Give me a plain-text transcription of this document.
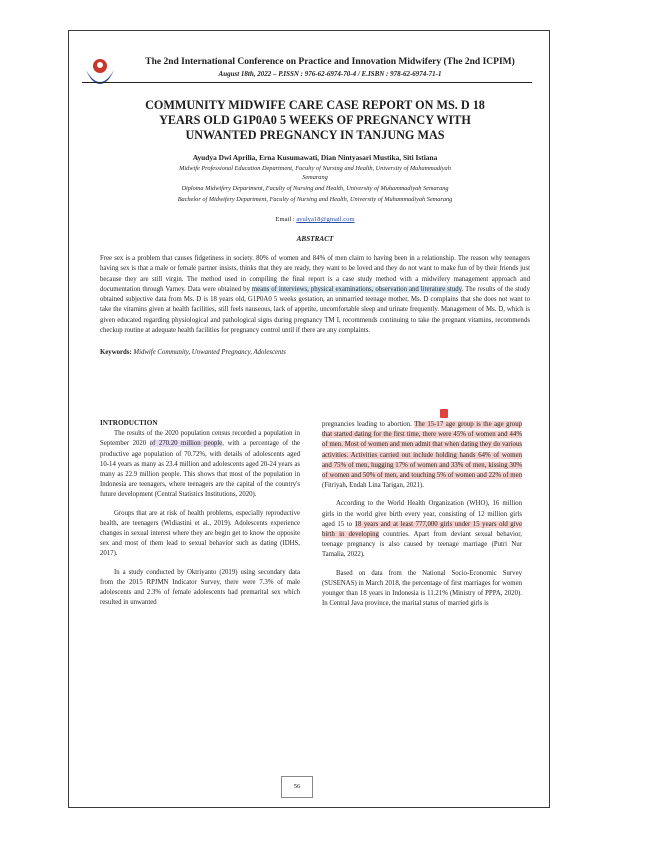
The 2nd International Conference on Practice and Innovation Midwifery (The 2nd ICPIM)
August 18th, 2022 – P.ISSN : 976-62-6974-70-4 / E.ISBN : 978-62-6974-71-1
COMMUNITY MIDWIFE CARE CASE REPORT ON MS. D 18
YEARS OLD G1P0A0 5 WEEKS OF PREGNANCY WITH
UNWANTED PREGNANCY IN TANJUNG MAS
Ayudya Dwi Aprilia, Erna Kusumawati, Dian Nintyasari Mustika, Siti Istiana
Midwife Professional Education Department, Faculty of Nursing and Health, University of Muhammadiyah
Semarang
Diploma Midwifery Department, Faculty of Nursing and Health, University of Muhammadiyah Semarang
Bachelor of Midwifery Department, Faculty of Nursing and Health, University of Muhammadiyah Semarang
Email : ayulya18@gmail.com
ABSTRACT
Free sex is a problem that causes fidgetiness in society. 80% of women and 84% of men claim to having been in a relationship. The reason why teenagers having sex is that a male or female partner insists, thinks that they are ready, they want to be loved and they do not want to make fun of by their friends just because they are still virgin. The method used in compiling the final report is a case study method with a midwifery management approach and documentation through Varney. Data were obtained by means of interviews, physical examinations, observation and literature study. The results of the study obtained subjective data from Ms. D is 18 years old, G1P0A0 5 weeks gestation, an unmarried teenage mother, Ms. D complains that she does not want to take the vitamins given at health facilities, still feels nauseous, lack of appetite, uncomfortable sleep and urinate frequently. Management of Ms. D, which is given educated regarding physiological and pathological signs during pregnancy TM I, recommends continuing to take the pregnant vitamins, recommends checkup routine at adequate health facilities for pregnancy control until if there are any complaints.
Keywords: Midwife Community, Unwanted Pregnancy, Adolescents
INTRODUCTION

The results of the 2020 population census recorded a population in September 2020 of 270.20 million people, with a percentage of the productive age population of 70.72%, with details of adolescents aged 10-14 years as many as 23.4 million and adolescents aged 20-24 years as many as 22.9 million people. This shows that most of the population in Indonesia are teenagers, where teenagers are the capital of the country's future development (Central Statistics Institutions, 2020).

Groups that are at risk of health problems, especially reproductive health, are teenagers (Widiastini et al., 2019). Adolescents experience changes in sexual interest where they are begin get to know the opposite sex and most of them lead to sexual behavior such as dating (IDHS, 2017).

In a study conducted by Oktriyanto (2019) using secondary data from the 2015 RPJMN Indicator Survey, there were 7.3% of male adolescents and 2.3% of female adolescents had premarital sex which resulted in unwanted

pregnancies leading to abortion. The 15-17 age group is the age group that started dating for the first time, there were 45% of women and 44% of men. Most of women and men admit that when dating they do various activities. Activities carried out include holding hands 64% of women and 75% of men, hugging 17% of women and 33% of men, kissing 30% of women and 50% of men, and touching 5% of women and 22% of men (Fitriyah, Endah Lina Tarigan, 2021).

According to the World Health Organization (WHO), 16 million girls in the world give birth every year, consisting of 12 million girls aged 15 to 18 years and at least 777,000 girls under 15 years old give birth in developing countries. Apart from deviant sexual behavior, teenage pregnancy is also caused by teenage marriage (Putri Nur Tamalia, 2022).

Based on data from the National Socio-Economic Survey (SUSENAS) in March 2018, the percentage of first marriages for women younger than 18 years in Indonesia is 11.21% (Ministry of PPPA, 2020). In Central Java province, the marital status of married girls is

56
